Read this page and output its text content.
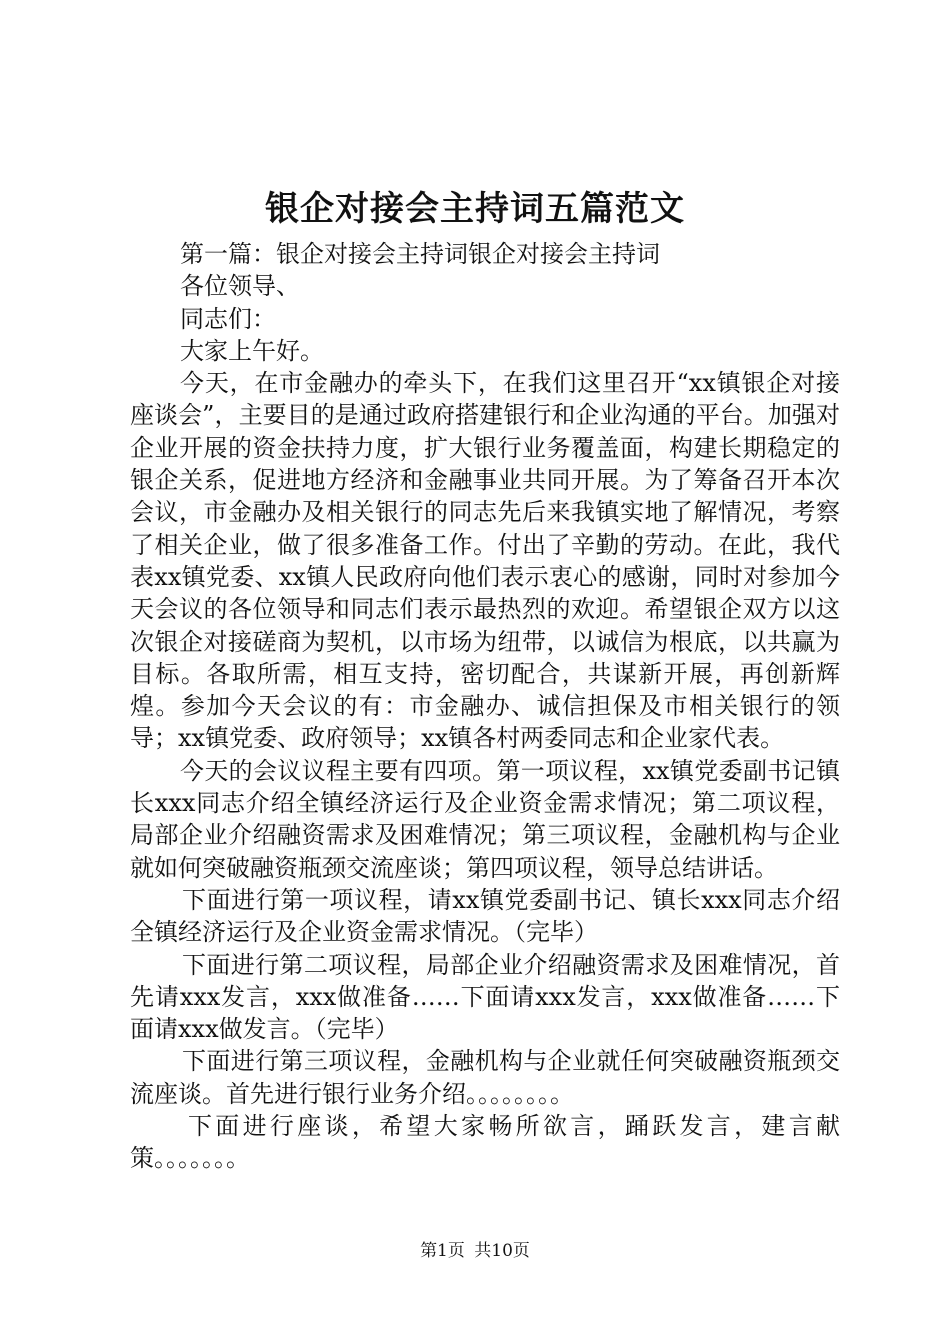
银企对接会主持词五篇范文

第一篇：银企对接会主持词银企对接会主持词

各位领导、

同志们：

大家上午好。

今天，在市金融办的牵头下，在我们这里召开“xx镇银企对接座谈会”，主要目的是通过政府搭建银行和企业沟通的平台。加强对企业开展的资金扶持力度，扩大银行业务覆盖面，构建长期稳定的银企关系，促进地方经济和金融事业共同开展。为了筹备召开本次会议，市金融办及相关银行的同志先后来我镇实地了解情况，考察了相关企业，做了很多准备工作。付出了辛勤的劳动。在此，我代表xx镇党委、xx镇人民政府向他们表示衷心的感谢，同时对参加今天会议的各位领导和同志们表示最热烈的欢迎。希望银企双方以这次银企对接磋商为契机，以市场为纽带，以诚信为根底，以共赢为目标。各取所需，相互支持，密切配合，共谋新开展，再创新辉煌。参加今天会议的有：市金融办、诚信担保及市相关银行的领导；xx镇党委、政府领导；xx镇各村两委同志和企业家代表。

今天的会议议程主要有四项。第一项议程，xx镇党委副书记镇长xxx同志介绍全镇经济运行及企业资金需求情况；第二项议程，局部企业介绍融资需求及困难情况；第三项议程，金融机构与企业就如何突破融资瓶颈交流座谈；第四项议程，领导总结讲话。

下面进行第一项议程，请xx镇党委副书记、镇长xxx同志介绍全镇经济运行及企业资金需求情况。（完毕）

下面进行第二项议程，局部企业介绍融资需求及困难情况，首先请xxx发言，xxx做准备……下面请xxx发言，xxx做准备……下面请xxx做发言。（完毕）

下面进行第三项议程，金融机构与企业就任何突破融资瓶颈交流座谈。首先进行银行业务介绍。。。。。。。。

下面进行座谈，希望大家畅所欲言，踊跃发言，建言献策。。。。。。。

第1页 共10页
